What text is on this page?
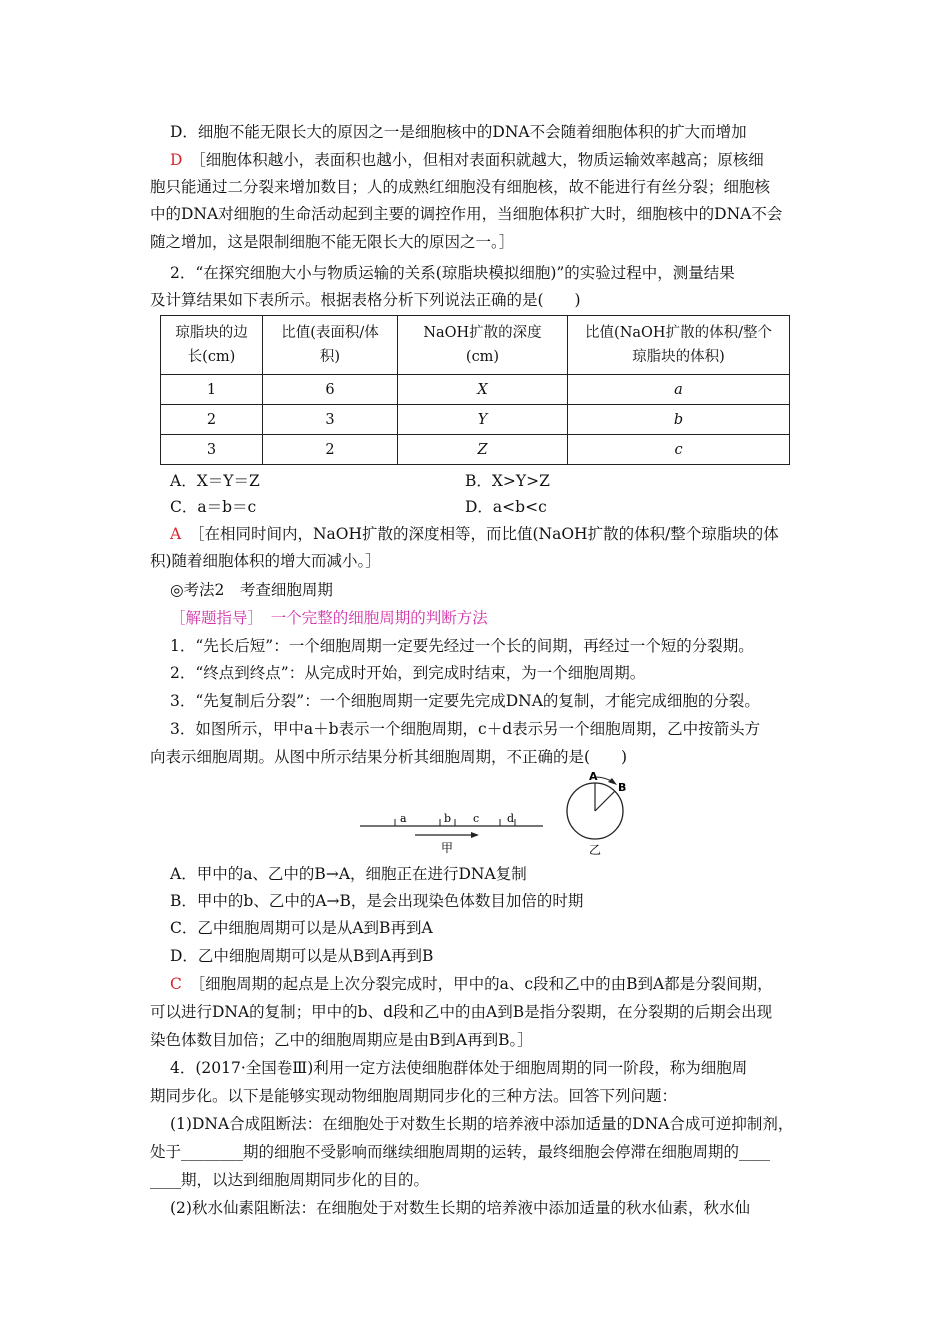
D．细胞不能无限长大的原因之一是细胞核中的DNA不会随着细胞体积的扩大而增加
D　 ［细胞体积越小，表面积也越小，但相对表面积就越大，物质运输效率越高；原核细
胞只能通过二分裂来增加数目；人的成熟红细胞没有细胞核，故不能进行有丝分裂；细胞核
中的DNA对细胞的生命活动起到主要的调控作用，当细胞体积扩大时，细胞核中的DNA不会
随之增加，这是限制细胞不能无限长大的原因之一。］
2．“在探究细胞大小与物质运输的关系(琼脂块模拟细胞)”的实验过程中，测量结果
及计算结果如下表所示。根据表格分析下列说法正确的是(　　)
琼脂块的边
长(cm)	比值(表面积/体
积)	NaOH扩散的深度
(cm)	比值(NaOH扩散的体积/整个
琼脂块的体积)
1	6	X	a
2	3	Y	b
3	2	Z	c
A．X＝Y＝Z	B．X>Y>Z
C．a＝b＝c	D．a<b<c
A　 ［在相同时间内，NaOH扩散的深度相等，而比值(NaOH扩散的体积/整个琼脂块的体
积)随着细胞体积的增大而减小。］
◎考法2　考查细胞周期
［解题指导］　 一个完整的细胞周期的判断方法
1．“先长后短”：一个细胞周期一定要先经过一个长的间期，再经过一个短的分裂期。
2．“终点到终点”：从完成时开始，到完成时结束，为一个细胞周期。
3．“先复制后分裂”：一个细胞周期一定要先完成DNA的复制，才能完成细胞的分裂。
3．如图所示，甲中a＋b表示一个细胞周期，c＋d表示另一个细胞周期，乙中按箭头方
向表示细胞周期。从图中所示结果分析其细胞周期，不正确的是(　　)
a	b c	d
甲
A
B
乙
A．甲中的a、乙中的B→A，细胞正在进行DNA复制
B．甲中的b、乙中的A→B，是会出现染色体数目加倍的时期
C．乙中细胞周期可以是从A到B再到A
D．乙中细胞周期可以是从B到A再到B
C　 ［细胞周期的起点是上次分裂完成时，甲中的a、c段和乙中的由B到A都是分裂间期，
可以进行DNA的复制；甲中的b、d段和乙中的由A到B是指分裂期，在分裂期的后期会出现
染色体数目加倍；乙中的细胞周期应是由B到A再到B。］
4．(2017·全国卷Ⅲ)利用一定方法使细胞群体处于细胞周期的同一阶段，称为细胞周
期同步化。以下是能够实现动物细胞周期同步化的三种方法。回答下列问题：
(1)DNA合成阻断法：在细胞处于对数生长期的培养液中添加适量的DNA合成可逆抑制剂，
处于________期的细胞不受影响而继续细胞周期的运转，最终细胞会停滞在细胞周期的____
____期，以达到细胞周期同步化的目的。
(2)秋水仙素阻断法：在细胞处于对数生长期的培养液中添加适量的秋水仙素，秋水仙
